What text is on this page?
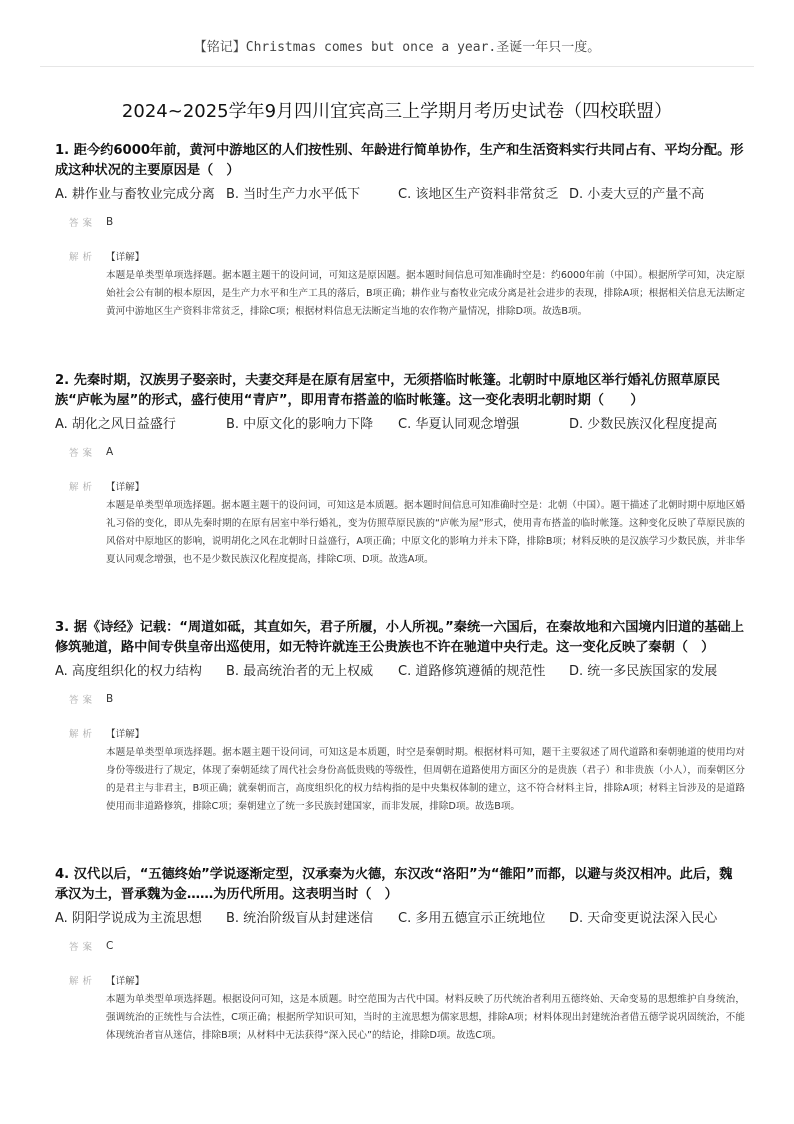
【铭记】Christmas comes but once a year.圣诞一年只一度。
2024~2025学年9月四川宜宾高三上学期月考历史试卷（四校联盟）

1. 距今约6000年前，黄河中游地区的人们按性别、年龄进行简单协作，生产和生活资料实行共同占有、平均分配。形成这种状况的主要原因是（　）

A. 耕作业与畜牧业完成分离 B. 当时生产力水平低下	C. 该地区生产资料非常贫乏 D. 小麦大豆的产量不高
答案 B
解析 【详解】

本题是单类型单项选择题。据本题主题干的设问词，可知这是原因题。据本题时间信息可知准确时空是：约6000年前（中国）。根据所学可知，决定原始社会公有制的根本原因，是生产力水平和生产工具的落后，B项正确；耕作业与畜牧业完成分离是社会进步的表现，排除A项；根据相关信息无法断定黄河中游地区生产资料非常贫乏，排除C项；根据材料信息无法断定当地的农作物产量情况，排除D项。故选B项。

2. 先秦时期，汉族男子娶亲时，夫妻交拜是在原有居室中，无须搭临时帐篷。北朝时中原地区举行婚礼仿照草原民族“庐帐为屋”的形式，盛行使用“青庐”，即用青布搭盖的临时帐篷。这一变化表明北朝时期（　　）

A. 胡化之风日益盛行	B. 中原文化的影响力下降 C. 华夏认同观念增强	D. 少数民族汉化程度提高
答案 A
解析 【详解】

本题是单类型单项选择题。据本题主题干的设问词，可知这是本质题。据本题时间信息可知准确时空是：北朝（中国）。题干描述了北朝时期中原地区婚礼习俗的变化，即从先秦时期的在原有居室中举行婚礼，变为仿照草原民族的“庐帐为屋”形式，使用青布搭盖的临时帐篷。这种变化反映了草原民族的风俗对中原地区的影响，说明胡化之风在北朝时日益盛行，A项正确；中原文化的影响力并未下降，排除B项；材料反映的是汉族学习少数民族，并非华夏认同观念增强，也不是少数民族汉化程度提高，排除C项、D项。故选A项。

3. 据《诗经》记载：“周道如砥，其直如矢，君子所履，小人所视。”秦统一六国后，在秦故地和六国境内旧道的基础上修筑驰道，路中间专供皇帝出巡使用，如无特许就连王公贵族也不许在驰道中央行走。这一变化反映了秦朝（　）

A. 高度组织化的权力结构 B. 最高统治者的无上权威 C. 道路修筑遵循的规范性 D. 统一多民族国家的发展
答案 B
解析 【详解】

本题是单类型单项选择题。据本题主题干设问词，可知这是本质题，时空是秦朝时期。根据材料可知，题干主要叙述了周代道路和秦朝驰道的使用均对身份等级进行了规定，体现了秦朝延续了周代社会身份高低贵贱的等级性，但周朝在道路使用方面区分的是贵族（君子）和非贵族（小人），而秦朝区分的是君主与非君主，B项正确；就秦朝而言，高度组织化的权力结构指的是中央集权体制的建立，这不符合材料主旨，排除A项；材料主旨涉及的是道路使用而非道路修筑，排除C项；秦朝建立了统一多民族封建国家，而非发展，排除D项。故选B项。

4. 汉代以后，“五德终始”学说逐渐定型，汉承秦为火德，东汉改“洛阳”为“雒阳”而都，以避与炎汉相冲。此后，魏承汉为土，晋承魏为金……为历代所用。这表明当时（　）

A. 阴阳学说成为主流思想 B. 统治阶级盲从封建迷信 C. 多用五德宣示正统地位 D. 天命变更说法深入民心
答案 C
解析 【详解】

本题为单类型单项选择题。根据设问可知，这是本质题。时空范围为古代中国。材料反映了历代统治者利用五德终始、天命变易的思想维护自身统治，强调统治的正统性与合法性，C项正确；根据所学知识可知，当时的主流思想为儒家思想，排除A项；材料体现出封建统治者借五德学说巩固统治，不能体现统治者盲从迷信，排除B项；从材料中无法获得“深入民心”的结论，排除D项。故选C项。
